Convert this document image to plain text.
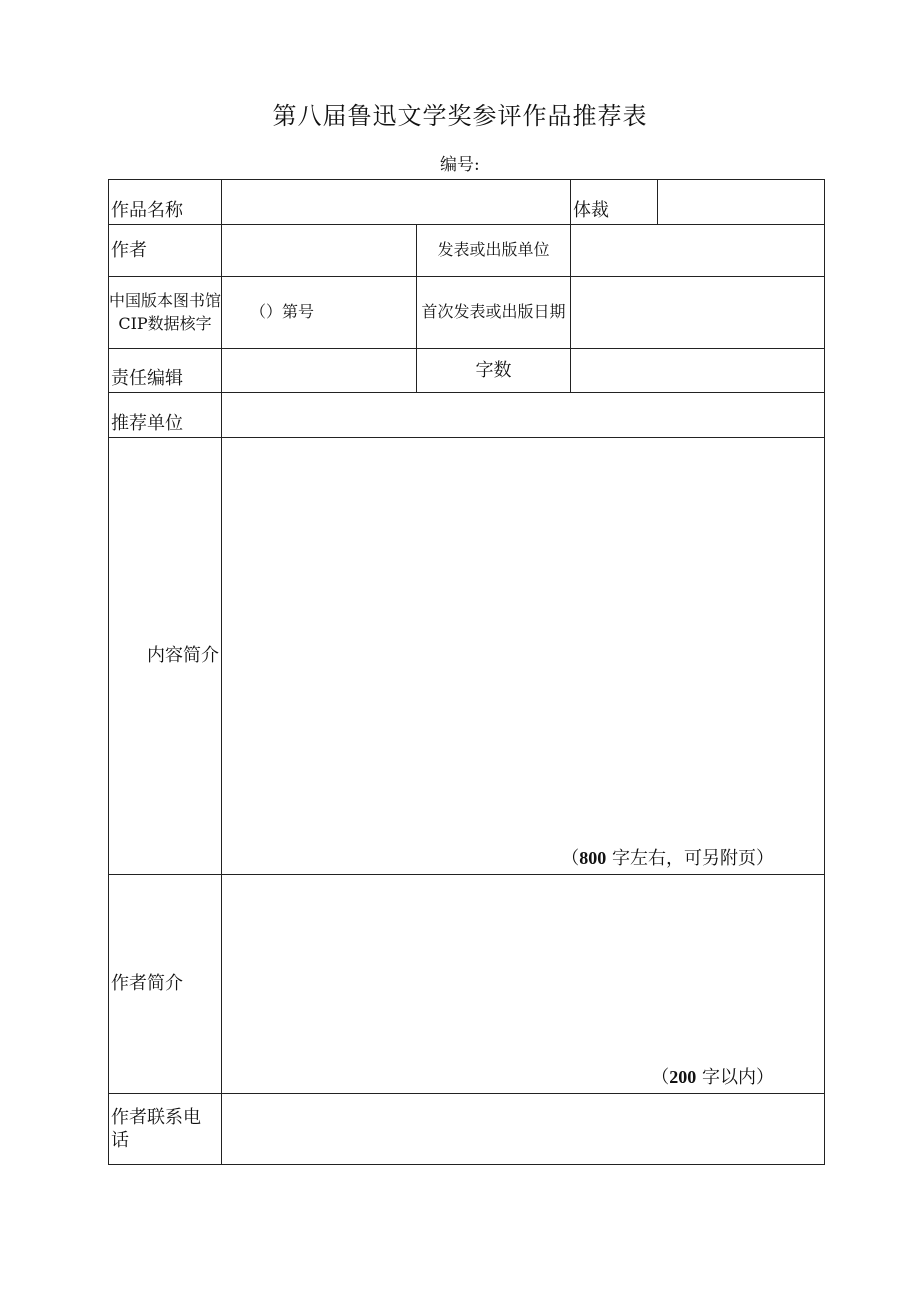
第八届鲁迅文学奖参评作品推荐表
编号:
作品名称			体裁	
作者		发表或出版单位		
中国版本图书馆CIP数据核字	（）第号	首次发表或出版日期		
责任编辑		字数		
推荐单位				
内容简介	（800 字左右，可另附页）			
作者简介	（200 字以内）			

作者联系电话				
